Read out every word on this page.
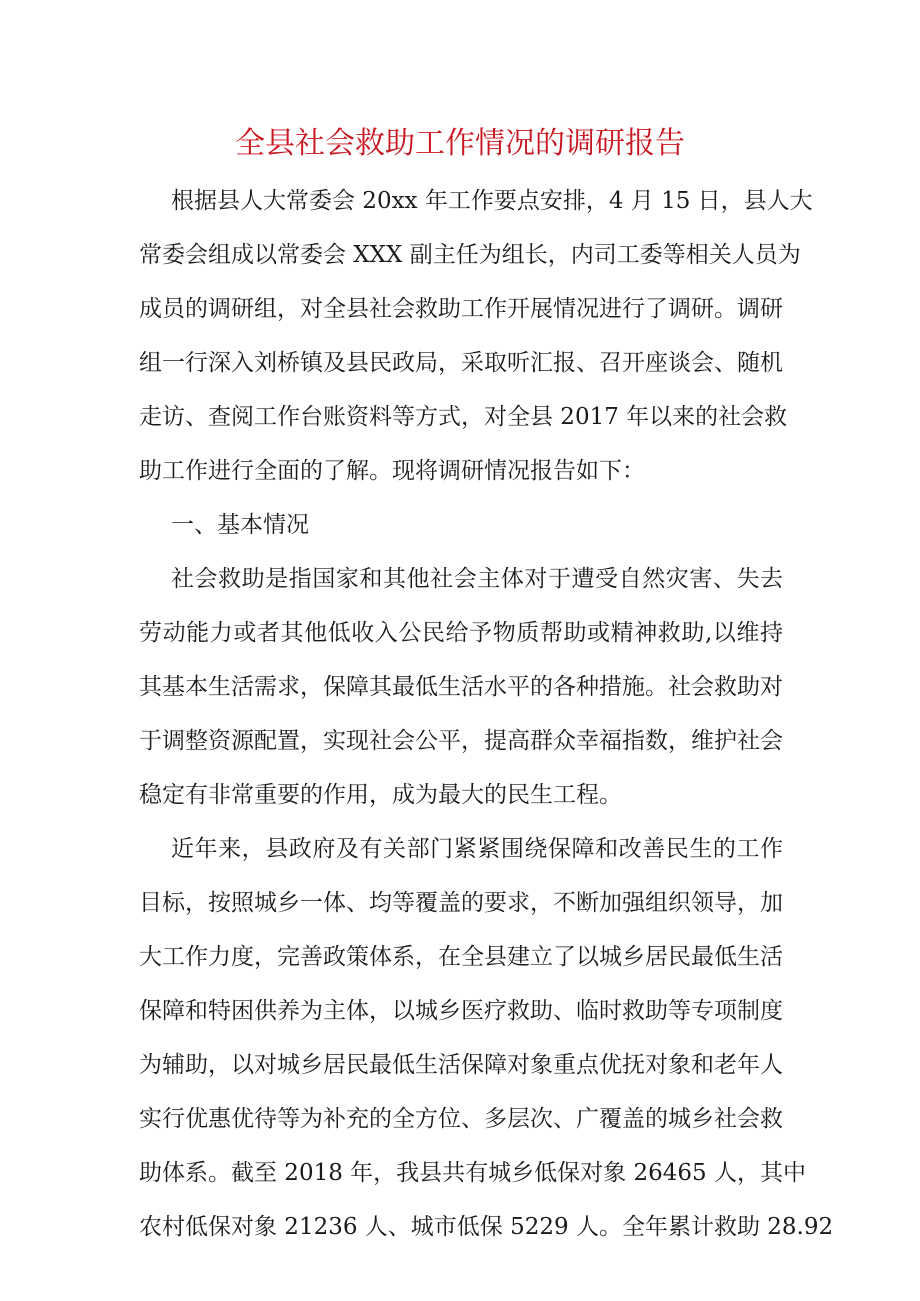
全县社会救助工作情况的调研报告
根据县人大常委会 20xx 年工作要点安排，4 月 15 日，县人大
常委会组成以常委会 XXX 副主任为组长，内司工委等相关人员为
成员的调研组，对全县社会救助工作开展情况进行了调研。调研
组一行深入刘桥镇及县民政局，采取听汇报、召开座谈会、随机
走访、查阅工作台账资料等方式，对全县 2017 年以来的社会救
助工作进行全面的了解。现将调研情况报告如下：
一、基本情况
社会救助是指国家和其他社会主体对于遭受自然灾害、失去
劳动能力或者其他低收入公民给予物质帮助或精神救助,以维持
其基本生活需求，保障其最低生活水平的各种措施。社会救助对
于调整资源配置，实现社会公平，提高群众幸福指数，维护社会
稳定有非常重要的作用，成为最大的民生工程。
近年来，县政府及有关部门紧紧围绕保障和改善民生的工作
目标，按照城乡一体、均等覆盖的要求，不断加强组织领导，加
大工作力度，完善政策体系，在全县建立了以城乡居民最低生活
保障和特困供养为主体，以城乡医疗救助、临时救助等专项制度
为辅助，以对城乡居民最低生活保障对象重点优抚对象和老年人
实行优惠优待等为补充的全方位、多层次、广覆盖的城乡社会救
助体系。截至 2018 年，我县共有城乡低保对象 26465 人，其中
农村低保对象 21236 人、城市低保 5229 人。全年累计救助 28.92
